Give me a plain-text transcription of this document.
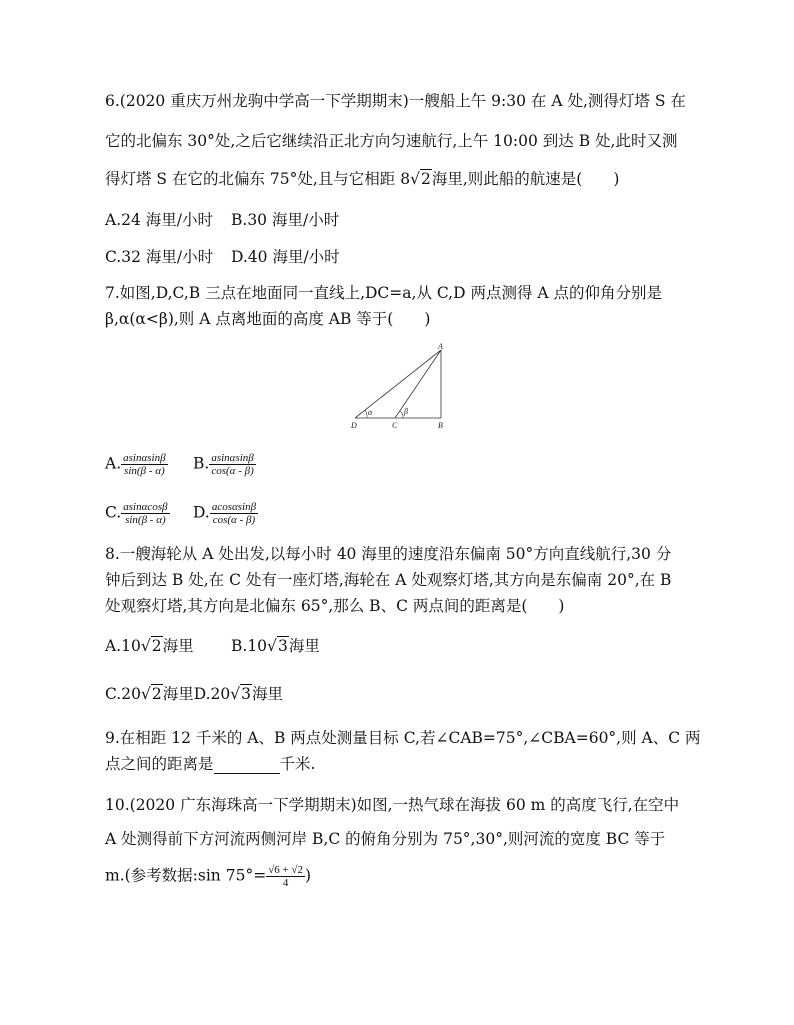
6.(2020 重庆万州龙驹中学高一下学期期末)一艘船上午 9:30 在 A 处,测得灯塔 S 在
它的北偏东 30°处,之后它继续沿正北方向匀速航行,上午 10:00 到达 B 处,此时又测
得灯塔 S 在它的北偏东 75°处,且与它相距 8√2海里,则此船的航速是(　　)
A.24 海里/小时 B.30 海里/小时
C.32 海里/小时 D.40 海里/小时
7.如图,D,C,B 三点在地面同一直线上,DC=a,从 C,D 两点测得 A 点的仰角分别是
β,α(α<β),则 A 点离地面的高度 AB 等于(　　)
A
D	C	B
α	β
A. $\frac{asin\alpha\sin\beta}{\sin(\beta - \alpha)} B$. $\frac{asin\alpha\sin\beta}{\cos(\alpha - \beta)}$
C. $\frac{asin\alpha\cos\beta}{\sin(\beta - \alpha)} D$. $\frac{acos\alpha\sin\beta}{\cos(\alpha - \beta)}$
8.一艘海轮从 A 处出发,以每小时 40 海里的速度沿东偏南 50°方向直线航行,30 分
钟后到达 B 处,在 C 处有一座灯塔,海轮在 A 处观察灯塔,其方向是东偏南 20°,在 B
处观察灯塔,其方向是北偏东 65°,那么 B、C 两点间的距离是(　　)
A.10√2海里 B.10√3海里
C.20√2海里D.20√3海里
9.在相距 12 千米的 A、B 两点处测量目标 C,若∠CAB=75°,∠CBA=60°,则 A、C 两
点之间的距离是	千米.
10.(2020 广东海珠高一下学期期末)如图,一热气球在海拔 60 m 的高度飞行,在空中
A 处测得前下方河流两侧河岸 B,C 的俯角分别为 75°,30°,则河流的宽度 BC 等于
m.(参考数据:sin $75^\circ= \frac{√6 + √2}{4}$ )
